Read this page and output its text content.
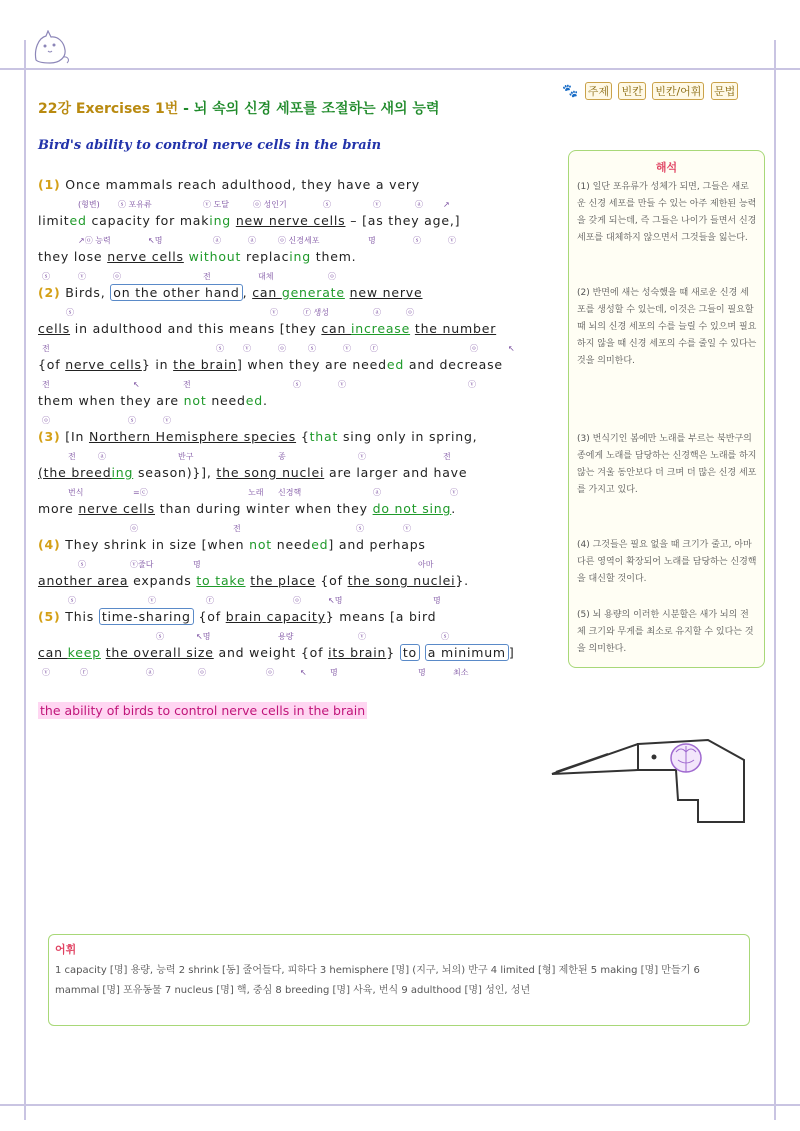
22강 Exercises 1번 - 뇌 속의 신경 세포를 조절하는 새의 능력
🐾 주제 빈칸 빈칸/어휘 문법
Bird's ability to control nerve cells in the brain
(1) Once mammals reach adulthood, they have a very
(형변) ⓢ 포유류	ⓥ 도달	ⓞ 성인기	ⓢ	ⓥ	ⓐ	↗
limited capacity for making new nerve cells – [as they age,]
↗ⓞ 능력	↖명	ⓐ	ⓐ	ⓞ 신경세포	명	ⓢ	ⓥ
they lose nerve cells without replacing them.
ⓢ	ⓥ	ⓞ	전	대체	ⓞ
(2) Birds, on the other hand , can generate new nerve
ⓢ	ⓥ	ⓡ 생성	ⓐ	ⓞ
cells in adulthood and this means [they can increase the number
전	ⓢ ⓥ	ⓞ	ⓢ	ⓥ ⓡ	ⓞ	↖
{of nerve cells} in the brain] when they are needed and decrease
전	↖	전	ⓢ	ⓥ	ⓥ
them when they are not needed.
ⓞ	ⓢ	ⓥ
(3) [In Northern Hemisphere species {that sing only in spring,
전	ⓐ	반구	종	ⓥ	전
(the breeding season)}], the song nuclei are larger and have
번식	=ⓒ	노래 신경핵	ⓐ	ⓥ
more nerve cells than during winter when they do not sing.
ⓞ	전	ⓢ	ⓥ
(4) They shrink in size [when not needed] and perhaps
ⓢ	ⓥ줄다	명	아마
another area expands to take the place {of the song nuclei}.
ⓢ	ⓥ	ⓡ	ⓞ	↖명	명
(5) This time-sharing {of brain capacity} means [a bird
ⓢ	↖명	용량	ⓥ	ⓢ
can keep the overall size and weight {of its brain} to a minimum ]
ⓥ	ⓡ	ⓐ	ⓞ	ⓞ	↖	명	명	최소
the ability of birds to control nerve cells in the brain
해석
(1) 일단 포유류가 성체가 되면, 그들은 새로운 신경 세포를 만들 수 있는 아주 제한된 능력을 갖게 되는데, 즉 그들은 나이가 들면서 신경 세포를 대체하지 않으면서 그것들을 잃는다.
(2) 반면에 새는 성숙했을 때 새로운 신경 세포를 생성할 수 있는데, 이것은 그들이 필요할 때 뇌의 신경 세포의 수를 늘릴 수 있으며 필요하지 않을 때 신경 세포의 수를 줄일 수 있다는 것을 의미한다.
(3) 번식기인 봄에만 노래를 부르는 북반구의 종에게 노래를 담당하는 신경핵은 노래를 하지 않는 겨울 동안보다 더 크며 더 많은 신경 세포를 가지고 있다.
(4) 그것들은 필요 없을 때 크기가 줄고, 아마 다른 영역이 확장되어 노래를 담당하는 신경핵을 대신할 것이다.
(5) 뇌 용량의 이러한 시분할은 새가 뇌의 전체 크기와 무게를 최소로 유지할 수 있다는 것을 의미한다.
어휘
1 capacity [명] 용량, 능력 2 shrink [동] 줄어들다, 피하다 3 hemisphere [명] (지구, 뇌의) 반구 4 limited [형] 제한된 5 making [명] 만들기 6 mammal [명] 포유동물 7 nucleus [명] 핵, 중심 8 breeding [명] 사육, 번식 9 adulthood [명] 성인, 성년
